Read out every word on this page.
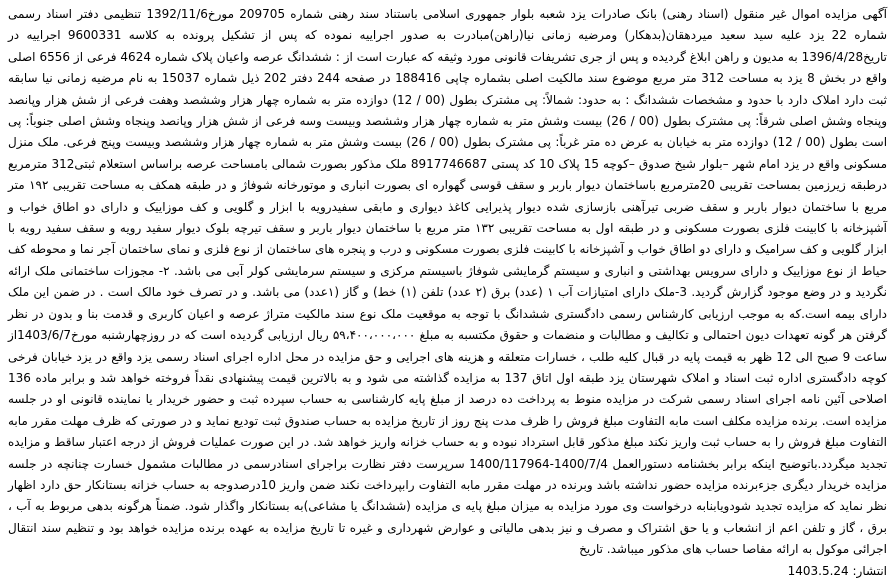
آگهی مزایده اموال غیر منقول (اسناد رهنی) بانک صادرات یزد شعبه بلوار جمهوری اسلامی باستناد سند رهنی شماره 209705 مورخ1392/11/6 تنظیمی دفتر اسناد رسمی شماره 22 یزد علیه سید سعید میردهقان(بدهکار) ومرضیه زمانی نیا(راهن)مبادرت به صدور اجراییه نموده که پس از تشکیل پرونده به کلاسه 9600331 اجراییه در تاریخ1396/4/28 به مدیون و راهن ابلاغ گردیده و پس از جری تشریفات قانونی مورد وثیقه که عبارت است از : ششدانگ عرصه واعیان پلاک شماره 4624 فرعی از 6556 اصلی واقع در بخش 8 یزد به مساحت 312 متر مربع موضوع سند مالکیت اصلی بشماره چاپی 188416 در صفحه 244 دفتر 202 ذیل شماره 15037 به نام مرضیه زمانی نیا سابقه ثبت دارد املاک دارد با حدود و مشخصات ششدانگ : به حدود: شمالاً: پی مشترک بطول (00 / 12) دوازده متر به شماره چهار هزار وششصد وهفت فرعی از شش هزار وپانصد وپنجاه وشش اصلی شرقاً: پی مشترک بطول (00 / 26) بیست وشش متر به شماره چهار هزار وششصد وبیست وسه فرعی از شش هزار وپانصد وپنجاه وشش اصلی جنوباً: پی است بطول (00 / 12) دوازده متر به خیابان به عرض ده متر غرباً: پی مشترک بطول (00 / 26) بیست وشش متر به شماره چهار هزار وششصد وبیست وپنج فرعی. ملک منزل مسکونی واقع در یزد امام شهر –بلوار شیخ صدوق –کوچه 15 پلاک 10 کد پستی 8917746687 ملک مذکور بصورت شمالی بامساحت عرصه براساس استعلام ثبتی312 مترمربع درطبقه زیرزمین بمساحت تقریبی 20مترمربع باساختمان دیوار باربر و سقف قوسی گهواره ای بصورت انباری و موتورخانه شوفاژ و در طبقه همکف به مساحت تقریبی ۱۹۲ متر مربع با ساختمان دیوار باربر و سقف ضربی تیرآهنی بازسازی شده دیوار پذیرایی کاغذ دیواری و مابقی سفیدرویه با ابزار و گلویی و کف موزاییک و دارای دو اطاق خواب و آشپزخانه با کابینت فلزی بصورت مسکونی و در طبقه اول به مساحت تقریبی ۱۳۲ متر مربع با ساختمان دیوار باربر و سقف تیرچه بلوک دیوار سفید رویه و سقف سفید رویه با ابزار گلویی و کف سرامیک و دارای دو اطاق خواب و آشپزخانه با کابینت فلزی بصورت مسکونی و درب و پنجره های ساختمان از نوع فلزی و نمای ساختمان آجر نما و محوطه کف حیاط از نوع موزاییک و دارای سرویس بهداشتی و انباری و سیستم گرمایشی شوفاژ باسیستم مرکزی و سیستم سرمایشی کولر آبی می باشد. ۲- مجوزات ساختمانی ملک ارائه نگردید و در وضع موجود گزارش گردید. 3-ملک دارای امتیازات آب ۱ (عدد) برق (۲ عدد) تلفن (۱) خط) و گاز (۱عدد) می باشد. و در تصرف خود مالک است . در ضمن این ملک دارای بیمه است.که به موجب ارزیابی کارشناس رسمی دادگستری ششدانگ با توجه به موقعیت ملک نوع سند مالکیت متراژ عرصه و اعیان کاربری و قدمت بنا و بدون در نظر گرفتن هر گونه تعهدات دیون احتمالی و تکالیف و مطالبات و منضمات و حقوق مکتسبه به مبلغ ۵۹،۴۰۰،۰۰۰،۰۰۰ ریال ارزیابی گردیده است که در روزچهارشنبه مورخ1403/6/7از ساعت 9 صبح الی 12 ظهر به قیمت پایه در قبال کلیه طلب ، خسارات متعلقه و هزینه های اجرایی و حق مزایده در محل اداره اجرای اسناد رسمی یزد واقع در یزد خیابان فرخی کوچه دادگستری اداره ثبت اسناد و املاک شهرستان یزد طبقه اول اتاق 137 به مزایده گذاشته می شود و به بالاترین قیمت پیشنهادی نقداً فروخته خواهد شد و برابر ماده 136 اصلاحی آئین نامه اجرای اسناد رسمی شرکت در مزایده منوط به پرداخت ده درصد از مبلغ پایه کارشناسی به حساب سپرده ثبت و حضور خریدار یا نماینده قانونی او در جلسه مزایده است. برنده مزایده مکلف است مابه التفاوت مبلغ فروش را ظرف مدت پنج روز از تاریخ مزایده به حساب صندوق ثبت تودیع نماید و در صورتی که ظرف مهلت مقرر مابه التفاوت مبلغ فروش را به حساب ثبت واریز نکند مبلغ مذکور قابل استرداد نبوده و به حساب خزانه واریز خواهد شد. در این صورت عملیات فروش از درجه اعتبار ساقط و مزایده تجدید میگردد.باتوضیح اینکه برابر بخشنامه دستورالعمل 1400/7/4-1400/117964 سرپرست دفتر نظارت براجرای اسنادرسمی در مطالبات مشمول خسارت چنانچه در جلسه مزایده خریدار دیگری جزءبرنده مزایده حضور نداشته باشد وبرنده در مهلت مقرر مابه التفاوت رابپرداخت نکند ضمن واریز 10درصدوجه به حساب خزانه بستانکار حق دارد اظهار نظر نماید که مزایده تجدید شودویابنابه درخواست وی مورد مزایده به میزان مبلغ پایه ی مزایده (ششدانگ یا مشاعی)به بستانکار واگذار شود. ضمناً هرگونه بدهی مربوط به آب ، برق ، گاز و تلفن اعم از انشعاب و یا حق اشتراک و مصرف و نیز بدهی مالیاتی و عوارض شهرداری و غیره تا تاریخ مزایده به عهده برنده مزایده خواهد بود و تنظیم سند انتقال اجرائی موکول به ارائه مفاصا حساب های مذکور میباشد. تاریخ

انتشار: 1403.5.24
